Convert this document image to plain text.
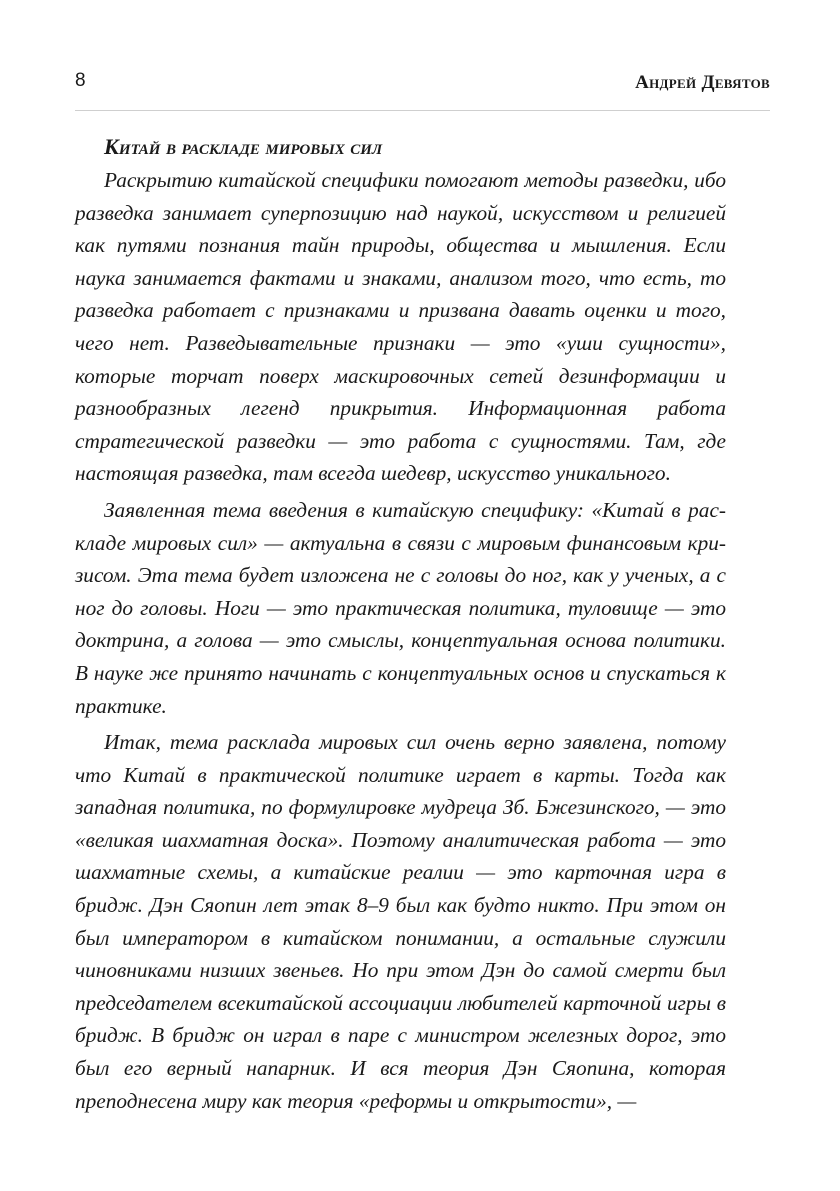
8	Андрей Девятов
Китай в раскладе мировых сил

Раскрытию китайской специфики помогают методы разведки, ибо разведка занимает суперпозицию над наукой, искусством и религией как путями познания тайн природы, общества и мышления. Если наука занимается фактами и знаками, анализом того, что есть, то разведка работает с признаками и призвана давать оценки и того, чего нет. Разведывательные признаки — это «уши сущности», которые торчат поверх маскировочных сетей дезинформации и разнообразных легенд прикрытия. Информационная работа стратегической разведки — это работа с сущностями. Там, где настоящая разведка, там всегда шедевр, искусство уникального.

Заявленная тема введения в китайскую специфику: «Китай в раскладе мировых сил» — актуальна в связи с мировым финансовым кризисом. Эта тема будет изложена не с головы до ног, как у ученых, а с ног до головы. Ноги — это практическая политика, туловище — это доктрина, а голова — это смыслы, концептуальная основа политики. В науке же принято начинать с концептуальных основ и спускаться к практике.

Итак, тема расклада мировых сил очень верно заявлена, потому что Китай в практической политике играет в карты. Тогда как западная политика, по формулировке мудреца Зб. Бжезинского, — это «великая шахматная доска». Поэтому аналитическая работа — это шахматные схемы, а китайские реалии — это карточная игра в бридж. Дэн Сяопин лет этак 8–9 был как будто никто. При этом он был императором в китайском понимании, а остальные служили чиновниками низших звеньев. Но при этом Дэн до самой смерти был председателем всекитайской ассоциации любителей карточной игры в бридж. В бридж он играл в паре с министром железных дорог, это был его верный напарник. И вся теория Дэн Сяопина, которая преподнесена миру как теория «реформы и открытости», —
